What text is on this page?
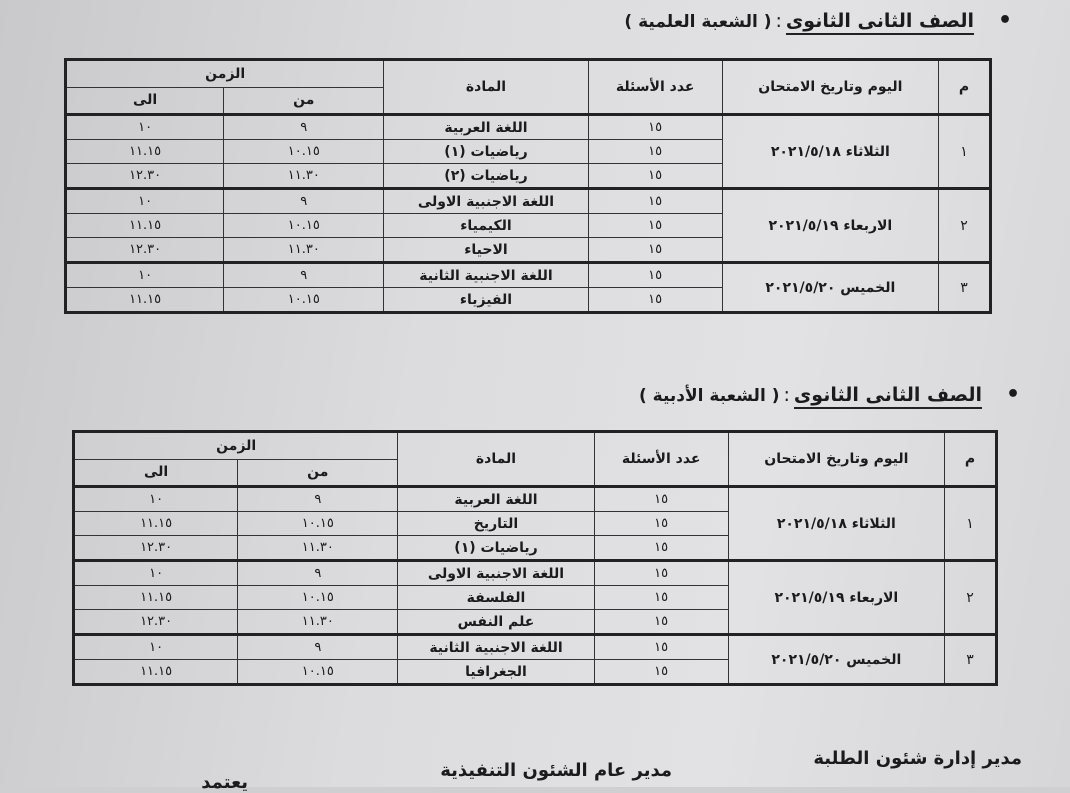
•
الصف الثانى الثانوى:( الشعبة العلمية )
م	اليوم وتاريخ الامتحان	عدد الأسئلة	المادة	الزمن	
				من	الى
١	الثلاثاء ٢٠٢١/٥/١٨	١٥	اللغة العربية	٩	١٠
		١٥	رياضيات (١)	١٠.١٥	١١.١٥
		١٥	رياضيات (٢)	١١.٣٠	١٢.٣٠
٢	الاربعاء ٢٠٢١/٥/١٩	١٥	اللغة الاجنبية الاولى	٩	١٠
		١٥	الكيمياء	١٠.١٥	١١.١٥
		١٥	الاحياء	١١.٣٠	١٢.٣٠
٣	الخميس ٢٠٢١/٥/٢٠	١٥	اللغة الاجنبية الثانية	٩	١٠
		١٥	الفيزياء	١٠.١٥	١١.١٥
•
الصف الثانى الثانوى:( الشعبة الأدبية )
م	اليوم وتاريخ الامتحان	عدد الأسئلة	المادة	الزمن	
				من	الى
١	الثلاثاء ٢٠٢١/٥/١٨	١٥	اللغة العربية	٩	١٠
		١٥	التاريخ	١٠.١٥	١١.١٥
		١٥	رياضيات (١)	١١.٣٠	١٢.٣٠
٢	الاربعاء ٢٠٢١/٥/١٩	١٥	اللغة الاجنبية الاولى	٩	١٠
		١٥	الفلسفة	١٠.١٥	١١.١٥
		١٥	علم النفس	١١.٣٠	١٢.٣٠
٣	الخميس ٢٠٢١/٥/٢٠	١٥	اللغة الاجنبية الثانية	٩	١٠
		١٥	الجغرافيا	١٠.١٥	١١.١٥
مدير إدارة شئون الطلبة
مدير عام الشئون التنفيذية
يعتمد
